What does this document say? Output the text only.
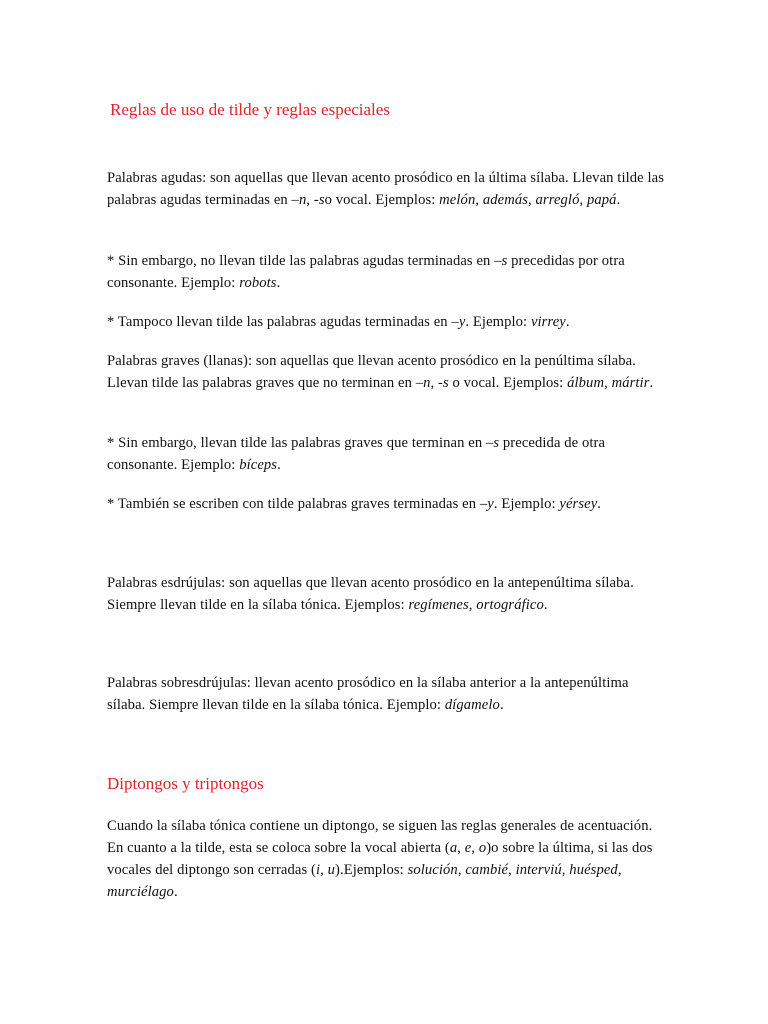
Reglas de uso de tilde y reglas especiales

Palabras agudas: son aquellas que llevan acento prosódico en la última sílaba. Llevan tilde las palabras agudas terminadas en –n, -so vocal. Ejemplos: melón, además, arregló, papá.

* Sin embargo, no llevan tilde las palabras agudas terminadas en –s precedidas por otra consonante. Ejemplo: robots.

* Tampoco llevan tilde las palabras agudas terminadas en –y. Ejemplo: virrey.

Palabras graves (llanas): son aquellas que llevan acento prosódico en la penúltima sílaba. Llevan tilde las palabras graves que no terminan en –n, -s o vocal. Ejemplos: álbum, mártir.

* Sin embargo, llevan tilde las palabras graves que terminan en –s precedida de otra consonante. Ejemplo: bíceps.

* También se escriben con tilde palabras graves terminadas en –y. Ejemplo: yérsey.

Palabras esdrújulas: son aquellas que llevan acento prosódico en la antepenúltima sílaba. Siempre llevan tilde en la sílaba tónica. Ejemplos: regímenes, ortográfico.

Palabras sobresdrújulas: llevan acento prosódico en la sílaba anterior a la antepenúltima sílaba. Siempre llevan tilde en la sílaba tónica. Ejemplo: dígamelo.

Diptongos y triptongos

Cuando la sílaba tónica contiene un diptongo, se siguen las reglas generales de acentuación. En cuanto a la tilde, esta se coloca sobre la vocal abierta (a, e, o)o sobre la última, si las dos vocales del diptongo son cerradas (i, u).Ejemplos: solución, cambié, interviú, huésped, murciélago.
